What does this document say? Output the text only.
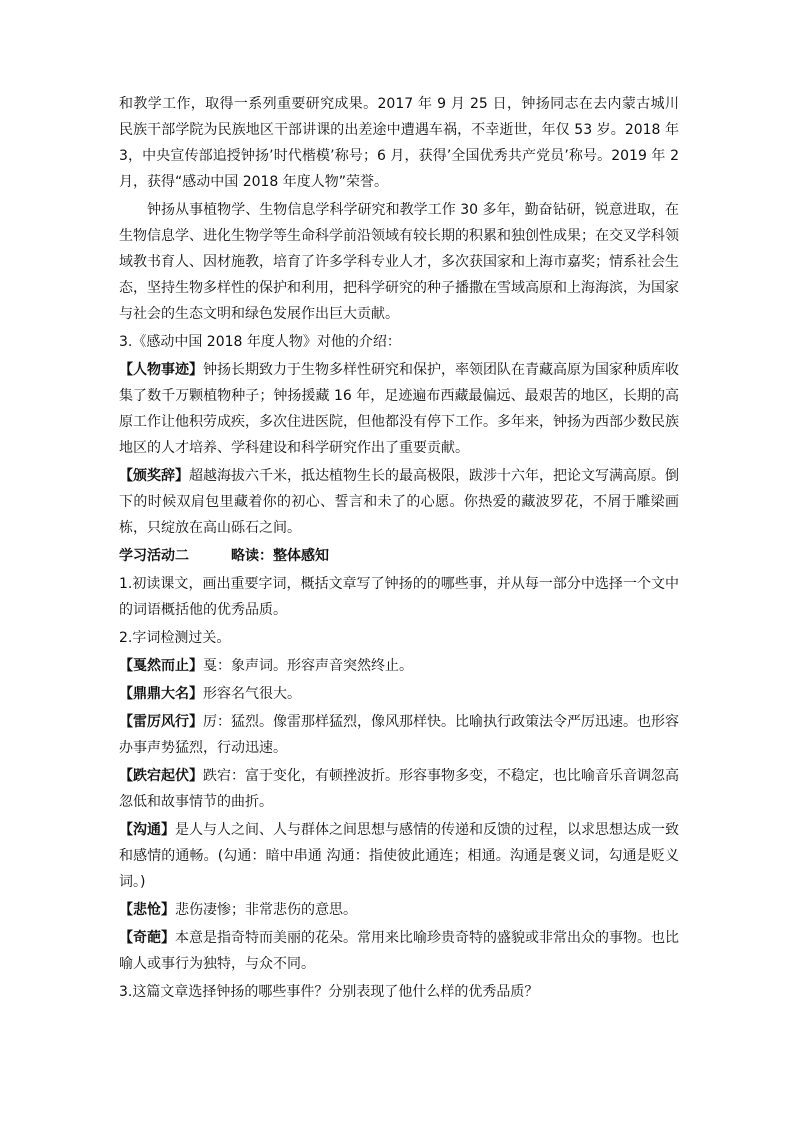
和教学工作，取得一系列重要研究成果。2017 年 9 月 25 日，钟扬同志在去内蒙古城川民族干部学院为民族地区干部讲课的出差途中遭遇车祸，不幸逝世，年仅 53 岁。2018 年 3，中央宣传部追授钟扬’时代楷模’称号；6 月，获得’全国优秀共产党员’称号。2019 年 2 月，获得“感动中国 2018 年度人物”荣誉。

钟扬从事植物学、生物信息学科学研究和教学工作 30 多年，勤奋钻研，锐意进取，在生物信息学、进化生物学等生命科学前沿领域有较长期的积累和独创性成果；在交叉学科领域教书育人、因材施教，培育了许多学科专业人才，多次获国家和上海市嘉奖；情系社会生态，坚持生物多样性的保护和利用，把科学研究的种子播撒在雪域高原和上海海滨，为国家与社会的生态文明和绿色发展作出巨大贡献。

3.《感动中国 2018 年度人物》对他的介绍：

【人物事迹】钟扬长期致力于生物多样性研究和保护，率领团队在青藏高原为国家种质库收集了数千万颗植物种子；钟扬援藏 16 年，足迹遍布西藏最偏远、最艰苦的地区，长期的高原工作让他积劳成疾，多次住进医院，但他都没有停下工作。多年来，钟扬为西部少数民族地区的人才培养、学科建设和科学研究作出了重要贡献。

【颁奖辞】超越海拔六千米，抵达植物生长的最高极限，跋涉十六年，把论文写满高原。倒下的时候双肩包里藏着你的初心、誓言和未了的心愿。你热爱的藏波罗花，不屑于雕梁画栋，只绽放在高山砾石之间。

学习活动二	略读：整体感知

1.初读课文，画出重要字词，概括文章写了钟扬的的哪些事，并从每一部分中选择一个文中的词语概括他的优秀品质。

2.字词检测过关。

【戛然而止】戛：象声词。形容声音突然终止。

【鼎鼎大名】形容名气很大。

【雷厉风行】厉：猛烈。像雷那样猛烈，像风那样快。比喻执行政策法令严厉迅速。也形容办事声势猛烈，行动迅速。

【跌宕起伏】跌宕：富于变化，有顿挫波折。形容事物多变，不稳定，也比喻音乐音调忽高忽低和故事情节的曲折。

【沟通】是人与人之间、人与群体之间思想与感情的传递和反馈的过程，以求思想达成一致和感情的通畅。(勾通：暗中串通 沟通：指使彼此通连；相通。沟通是褒义词，勾通是贬义词。)

【悲怆】悲伤凄惨；非常悲伤的意思。

【奇葩】本意是指奇特而美丽的花朵。常用来比喻珍贵奇特的盛貌或非常出众的事物。也比喻人或事行为独特，与众不同。

3.这篇文章选择钟扬的哪些事件？分别表现了他什么样的优秀品质？
